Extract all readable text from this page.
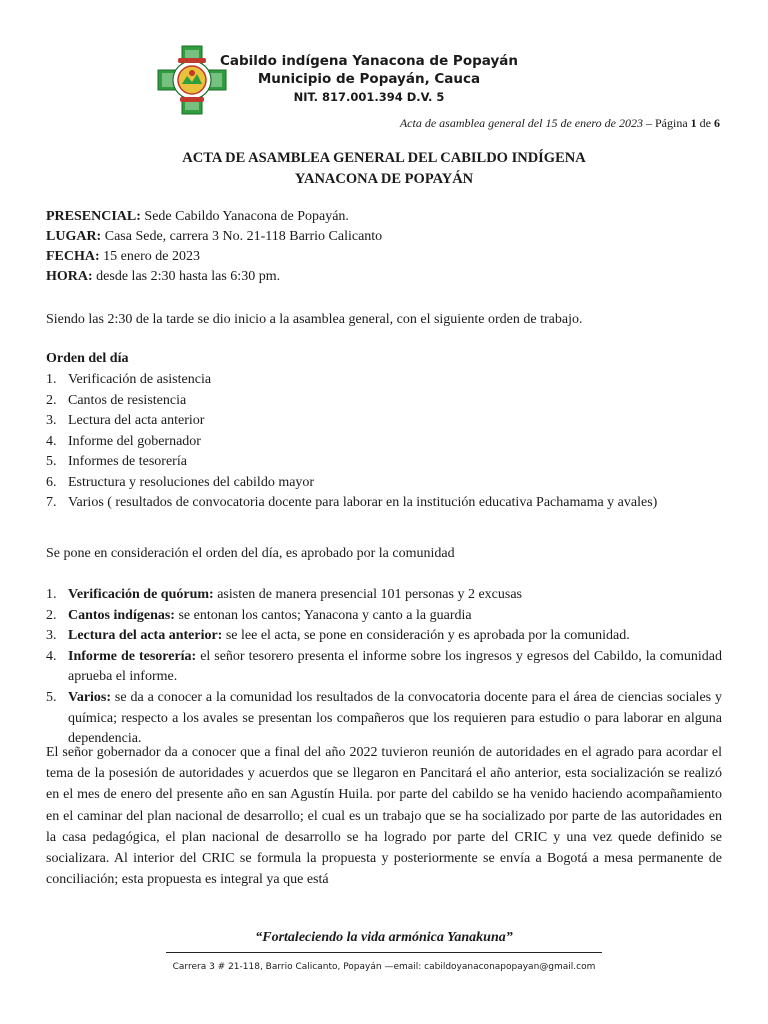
Cabildo indígena Yanacona de Popayán
Municipio de Popayán, Cauca
NIT. 817.001.394 D.V. 5
Acta de asamblea general del 15 de enero de 2023 – Página 1 de 6
ACTA DE ASAMBLEA GENERAL DEL CABILDO INDÍGENA
YANACONA DE POPAYÁN
PRESENCIAL: Sede Cabildo Yanacona de Popayán.
LUGAR: Casa Sede, carrera 3 No. 21-118 Barrio Calicanto
FECHA: 15 enero de 2023
HORA: desde las 2:30 hasta las 6:30 pm.
Siendo las 2:30 de la tarde se dio inicio a la asamblea general, con el siguiente orden de trabajo.
Orden del día
1. Verificación de asistencia
2. Cantos de resistencia
3. Lectura del acta anterior
4. Informe del gobernador
5. Informes de tesorería
6. Estructura y resoluciones del cabildo mayor
7. Varios ( resultados de convocatoria docente para laborar en la institución educativa Pachamama y avales)
Se pone en consideración el orden del día, es aprobado por la comunidad
1. Verificación de quórum: asisten de manera presencial 101 personas y 2 excusas
2. Cantos indígenas: se entonan los cantos; Yanacona y canto a la guardia
3. Lectura del acta anterior: se lee el acta, se pone en consideración y es aprobada por la comunidad.
4. Informe de tesorería: el señor tesorero presenta el informe sobre los ingresos y egresos del Cabildo, la comunidad aprueba el informe.
5. Varios: se da a conocer a la comunidad los resultados de la convocatoria docente para el área de ciencias sociales y química; respecto a los avales se presentan los compañeros que los requieren para estudio o para laborar en alguna dependencia.
El señor gobernador da a conocer que a final del año 2022 tuvieron reunión de autoridades en el agrado para acordar el tema de la posesión de autoridades y acuerdos que se llegaron en Pancitará el año anterior, esta socialización se realizó en el mes de enero del presente año en san Agustín Huila. por parte del cabildo se ha venido haciendo acompañamiento en el caminar del plan nacional de desarrollo; el cual es un trabajo que se ha socializado por parte de las autoridades en la casa pedagógica, el plan nacional de desarrollo se ha logrado por parte del CRIC y una vez quede definido se socializara. Al interior del CRIC se formula la propuesta y posteriormente se envía a Bogotá a mesa permanente de conciliación; esta propuesta es integral ya que está
“Fortaleciendo la vida armónica Yanakuna”
Carrera 3 # 21-118, Barrio Calicanto, Popayán —email: cabildoyanaconapopayan@gmail.com
